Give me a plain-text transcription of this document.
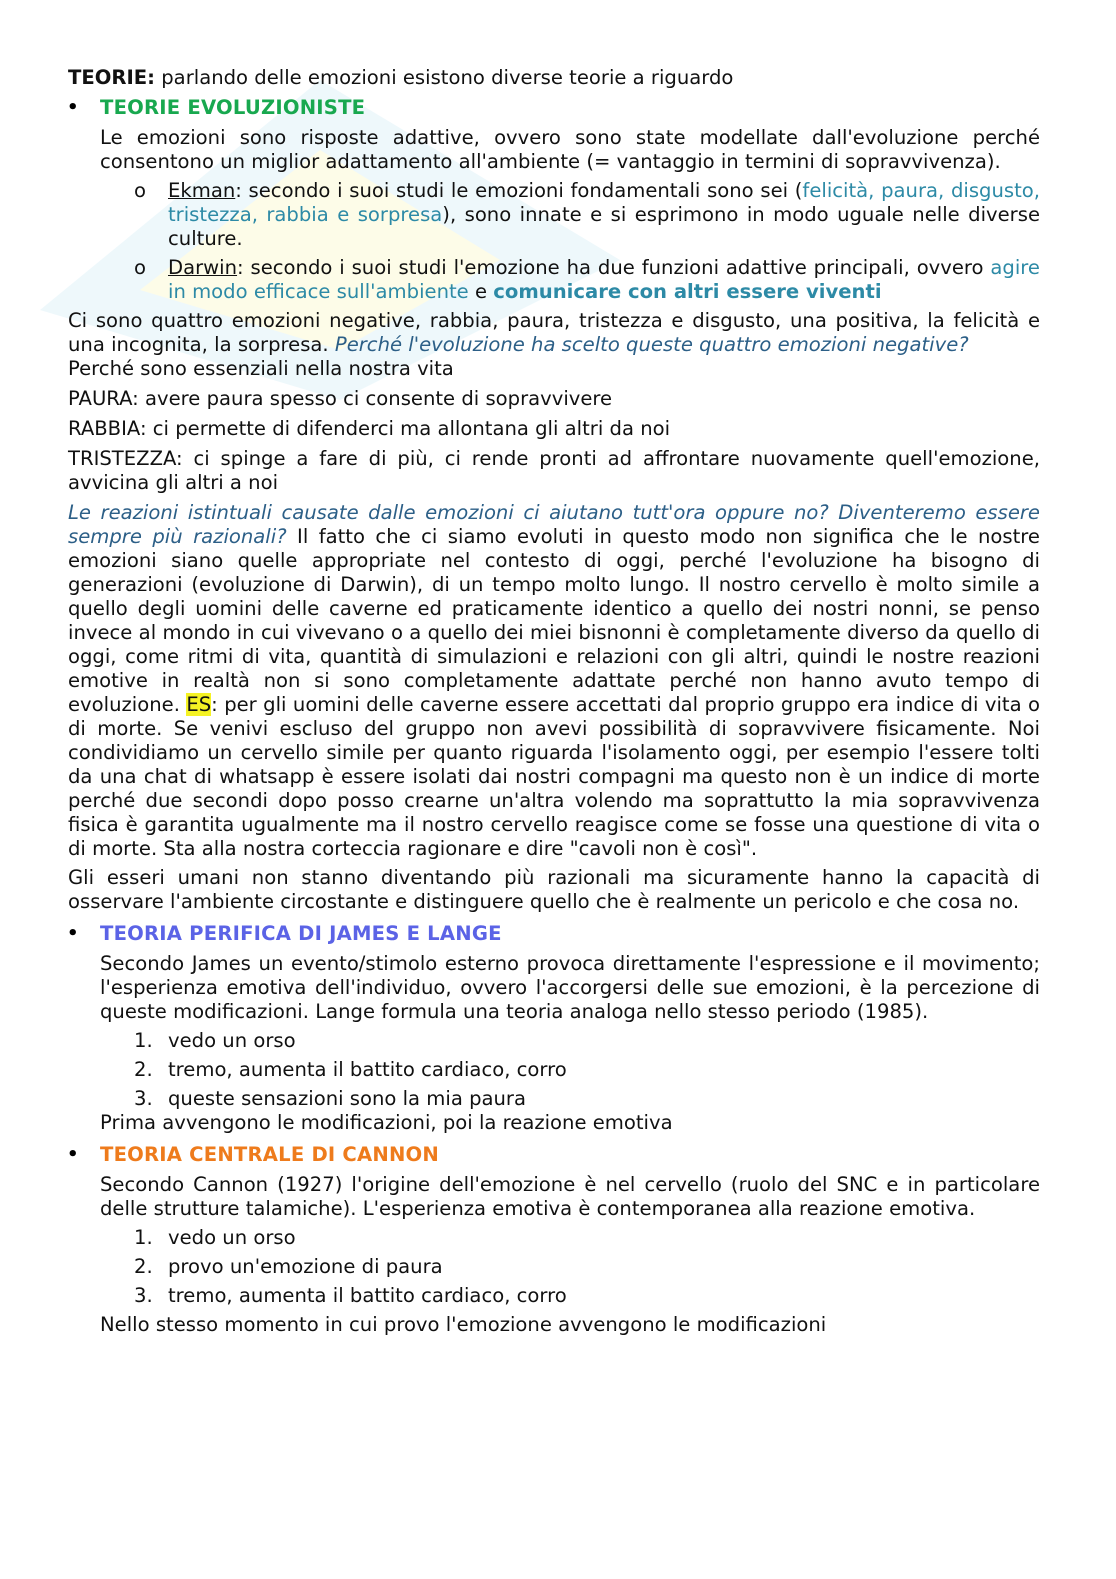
TEORIE: parlando delle emozioni esistono diverse teorie a riguardo

• TEORIE EVOLUZIONISTE

Le emozioni sono risposte adattive, ovvero sono state modellate dall'evoluzione perché consentono un miglior adattamento all'ambiente (= vantaggio in termini di sopravvivenza).

o Ekman: secondo i suoi studi le emozioni fondamentali sono sei (felicità, paura, disgusto, tristezza, rabbia e sorpresa), sono innate e si esprimono in modo uguale nelle diverse culture.

o Darwin: secondo i suoi studi l'emozione ha due funzioni adattive principali, ovvero agire in modo efficace sull'ambiente e comunicare con altri essere viventi

Ci sono quattro emozioni negative, rabbia, paura, tristezza e disgusto, una positiva, la felicità e una incognita, la sorpresa. Perché l'evoluzione ha scelto queste quattro emozioni negative?
Perché sono essenziali nella nostra vita

PAURA: avere paura spesso ci consente di sopravvivere

RABBIA: ci permette di difenderci ma allontana gli altri da noi

TRISTEZZA: ci spinge a fare di più, ci rende pronti ad affrontare nuovamente quell'emozione, avvicina gli altri a noi

Le reazioni istintuali causate dalle emozioni ci aiutano tutt'ora oppure no? Diventeremo essere sempre più razionali? Il fatto che ci siamo evoluti in questo modo non significa che le nostre emozioni siano quelle appropriate nel contesto di oggi, perché l'evoluzione ha bisogno di generazioni (evoluzione di Darwin), di un tempo molto lungo. Il nostro cervello è molto simile a quello degli uomini delle caverne ed praticamente identico a quello dei nostri nonni, se penso invece al mondo in cui vivevano o a quello dei miei bisnonni è completamente diverso da quello di oggi, come ritmi di vita, quantità di simulazioni e relazioni con gli altri, quindi le nostre reazioni emotive in realtà non si sono completamente adattate perché non hanno avuto tempo di evoluzione. ES: per gli uomini delle caverne essere accettati dal proprio gruppo era indice di vita o di morte. Se venivi escluso del gruppo non avevi possibilità di sopravvivere fisicamente. Noi condividiamo un cervello simile per quanto riguarda l'isolamento oggi, per esempio l'essere tolti da una chat di whatsapp è essere isolati dai nostri compagni ma questo non è un indice di morte perché due secondi dopo posso crearne un'altra volendo ma soprattutto la mia sopravvivenza fisica è garantita ugualmente ma il nostro cervello reagisce come se fosse una questione di vita o di morte. Sta alla nostra corteccia ragionare e dire "cavoli non è così".

Gli esseri umani non stanno diventando più razionali ma sicuramente hanno la capacità di osservare l'ambiente circostante e distinguere quello che è realmente un pericolo e che cosa no.

• TEORIA PERIFICA DI JAMES E LANGE

Secondo James un evento/stimolo esterno provoca direttamente l'espressione e il movimento; l'esperienza emotiva dell'individuo, ovvero l'accorgersi delle sue emozioni, è la percezione di queste modificazioni. Lange formula una teoria analoga nello stesso periodo (1985).

1. vedo un orso

2. tremo, aumenta il battito cardiaco, corro

3. queste sensazioni sono la mia paura

Prima avvengono le modificazioni, poi la reazione emotiva

• TEORIA CENTRALE DI CANNON

Secondo Cannon (1927) l'origine dell'emozione è nel cervello (ruolo del SNC e in particolare delle strutture talamiche). L'esperienza emotiva è contemporanea alla reazione emotiva.

1. vedo un orso

2. provo un'emozione di paura

3. tremo, aumenta il battito cardiaco, corro

Nello stesso momento in cui provo l'emozione avvengono le modificazioni
